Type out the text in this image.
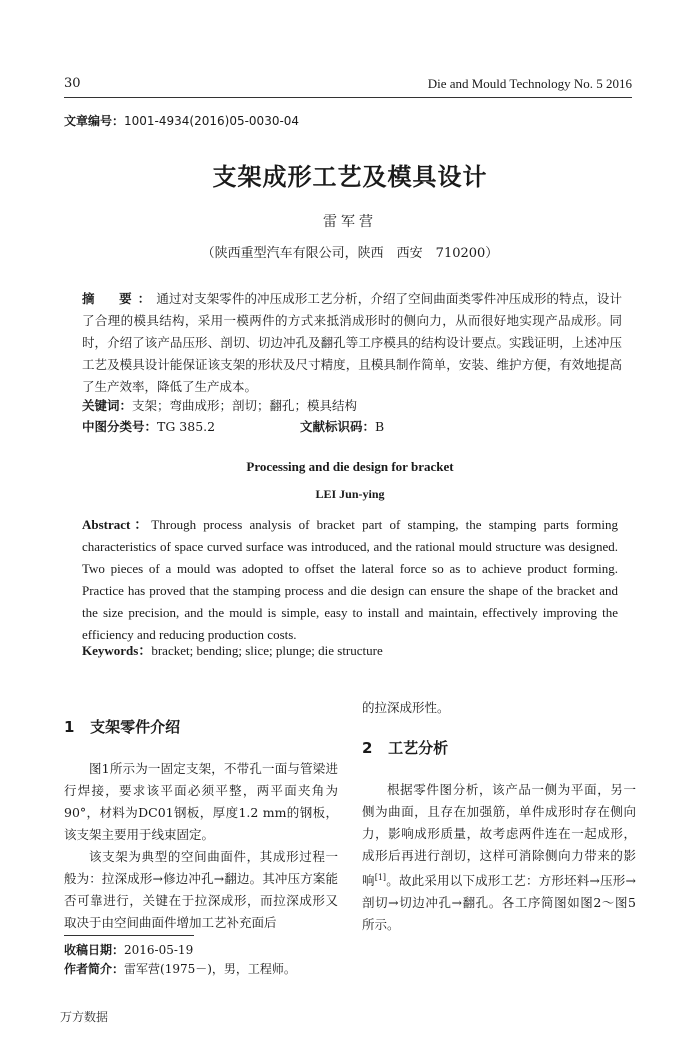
30	Die and Mould Technology No. 5 2016
文章编号：1001-4934(2016)05-0030-04
支架成形工艺及模具设计
雷军营
（陕西重型汽车有限公司，陕西　西安　710200）
摘　要：通过对支架零件的冲压成形工艺分析，介绍了空间曲面类零件冲压成形的特点，设计了合理的模具结构，采用一模两件的方式来抵消成形时的侧向力，从而很好地实现产品成形。同时，介绍了该产品压形、剖切、切边冲孔及翻孔等工序模具的结构设计要点。实践证明，上述冲压工艺及模具设计能保证该支架的形状及尺寸精度，且模具制作简单，安装、维护方便，有效地提高了生产效率，降低了生产成本。
关键词：支架；弯曲成形；剖切；翻孔；模具结构
中图分类号：TG 385.2	文献标识码：B
Processing and die design for bracket
LEI Jun-ying
Abstract：Through process analysis of bracket part of stamping, the stamping parts forming characteristics of space curved surface was introduced, and the rational mould structure was designed. Two pieces of a mould was adopted to offset the lateral force so as to achieve product forming. Practice has proved that the stamping process and die design can ensure the shape of the bracket and the size precision, and the mould is simple, easy to install and maintain, effectively improving the efficiency and reducing production costs.
Keywords：bracket; bending; slice; plunge; die structure
1 支架零件介绍

图1所示为一固定支架，不带孔一面与管梁进行焊接，要求该平面必须平整，两平面夹角为90°，材料为DC01钢板，厚度1.2 mm的钢板，该支架主要用于线束固定。

该支架为典型的空间曲面件，其成形过程一般为：拉深成形→修边冲孔→翻边。其冲压方案能否可靠进行，关键在于拉深成形，而拉深成形又取决于由空间曲面件增加工艺补充面后

的拉深成形性。
2 工艺分析

根据零件图分析，该产品一侧为平面，另一侧为曲面，且存在加强筋，单件成形时存在侧向力，影响成形质量，故考虑两件连在一起成形，成形后再进行剖切，这样可消除侧向力带来的影响[1]。故此采用以下成形工艺：方形坯料→压形→剖切→切边冲孔→翻孔。各工序简图如图2～图5所示。

收稿日期：2016-05-19
作者简介：雷军营(1975－)，男，工程师。
万方数据
